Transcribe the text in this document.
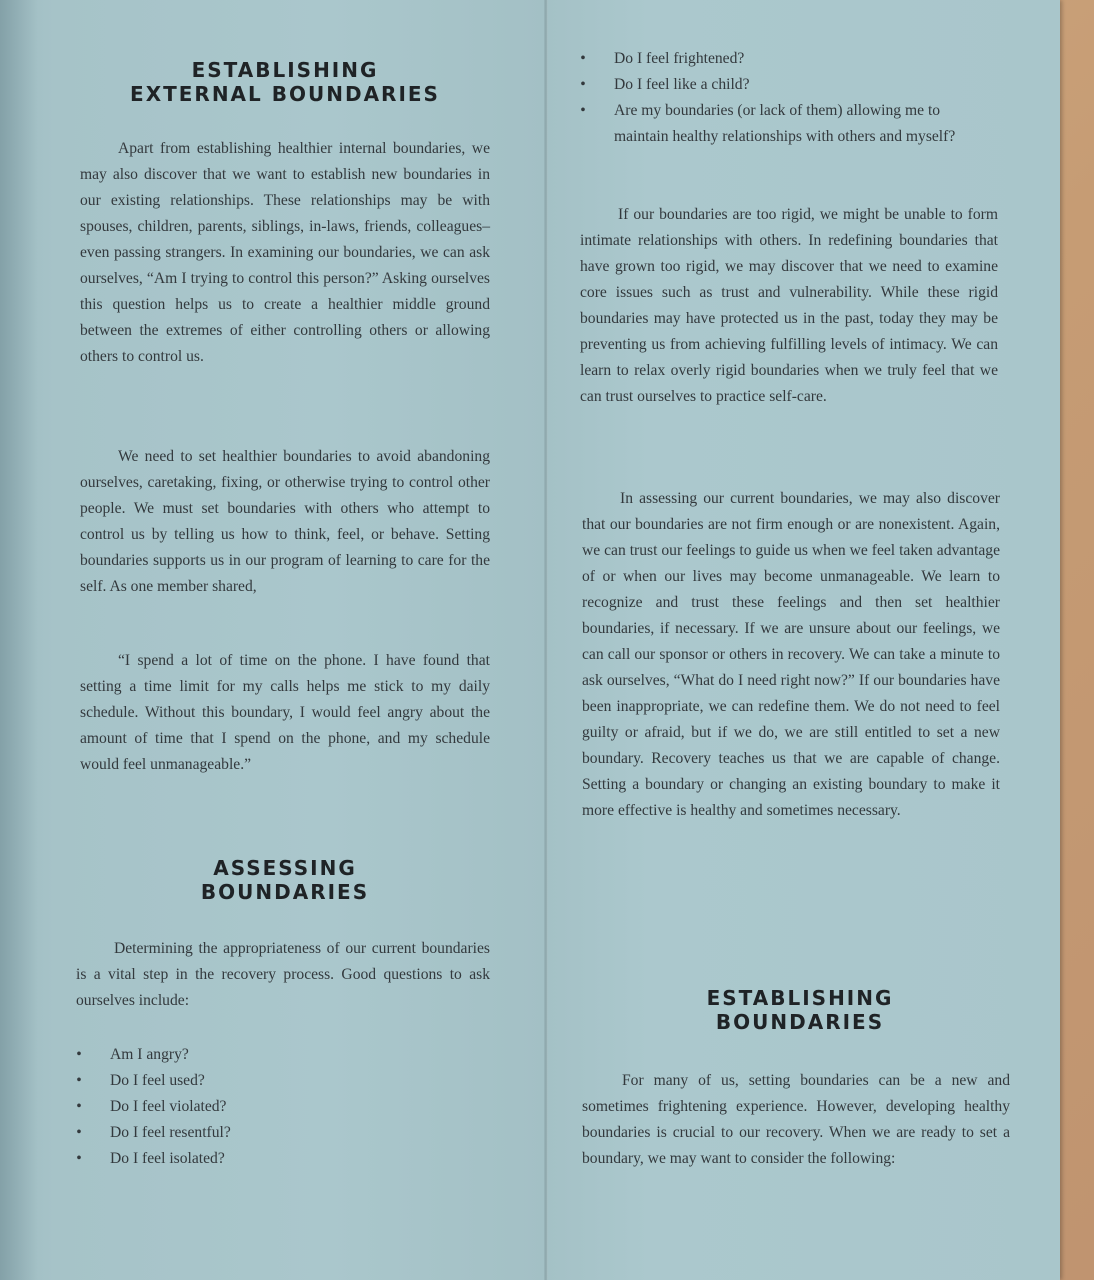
ESTABLISHING
EXTERNAL BOUNDARIES

Apart from establishing healthier internal boundaries, we may also discover that we want to establish new boundaries in our existing relationships. These relationships may be with spouses, children, parents, siblings, in-laws, friends, colleagues–even passing strangers. In examining our boundaries, we can ask ourselves, “Am I trying to control this person?” Asking ourselves this question helps us to create a healthier middle ground between the extremes of either controlling others or allowing others to control us.

We need to set healthier boundaries to avoid abandoning ourselves, caretaking, fixing, or otherwise trying to control other people. We must set boundaries with others who attempt to control us by telling us how to think, feel, or behave. Setting boundaries supports us in our program of learning to care for the self. As one member shared,

“I spend a lot of time on the phone. I have found that setting a time limit for my calls helps me stick to my daily schedule. Without this boundary, I would feel angry about the amount of time that I spend on the phone, and my schedule would feel unmanageable.”

ASSESSING
BOUNDARIES

Determining the appropriateness of our current boundaries is a vital step in the recovery process. Good questions to ask ourselves include:

• Am I angry?
• Do I feel used?
• Do I feel violated?
• Do I feel resentful?
• Do I feel isolated?
• Do I feel frightened?
• Do I feel like a child?
• Are my boundaries (or lack of them) allowing me to maintain healthy relationships with others and myself?

If our boundaries are too rigid, we might be unable to form intimate relationships with others. In redefining boundaries that have grown too rigid, we may discover that we need to examine core issues such as trust and vulnerability. While these rigid boundaries may have protected us in the past, today they may be preventing us from achieving fulfilling levels of intimacy. We can learn to relax overly rigid boundaries when we truly feel that we can trust ourselves to practice self-care.

In assessing our current boundaries, we may also discover that our boundaries are not firm enough or are nonexistent. Again, we can trust our feelings to guide us when we feel taken advantage of or when our lives may become unmanageable. We learn to recognize and trust these feelings and then set healthier boundaries, if necessary. If we are unsure about our feelings, we can call our sponsor or others in recovery. We can take a minute to ask ourselves, “What do I need right now?” If our boundaries have been inappropriate, we can redefine them. We do not need to feel guilty or afraid, but if we do, we are still entitled to set a new boundary. Recovery teaches us that we are capable of change. Setting a boundary or changing an existing boundary to make it more effective is healthy and sometimes necessary.

ESTABLISHING
BOUNDARIES

For many of us, setting boundaries can be a new and sometimes frightening experience. However, developing healthy boundaries is crucial to our recovery. When we are ready to set a boundary, we may want to consider the following:
